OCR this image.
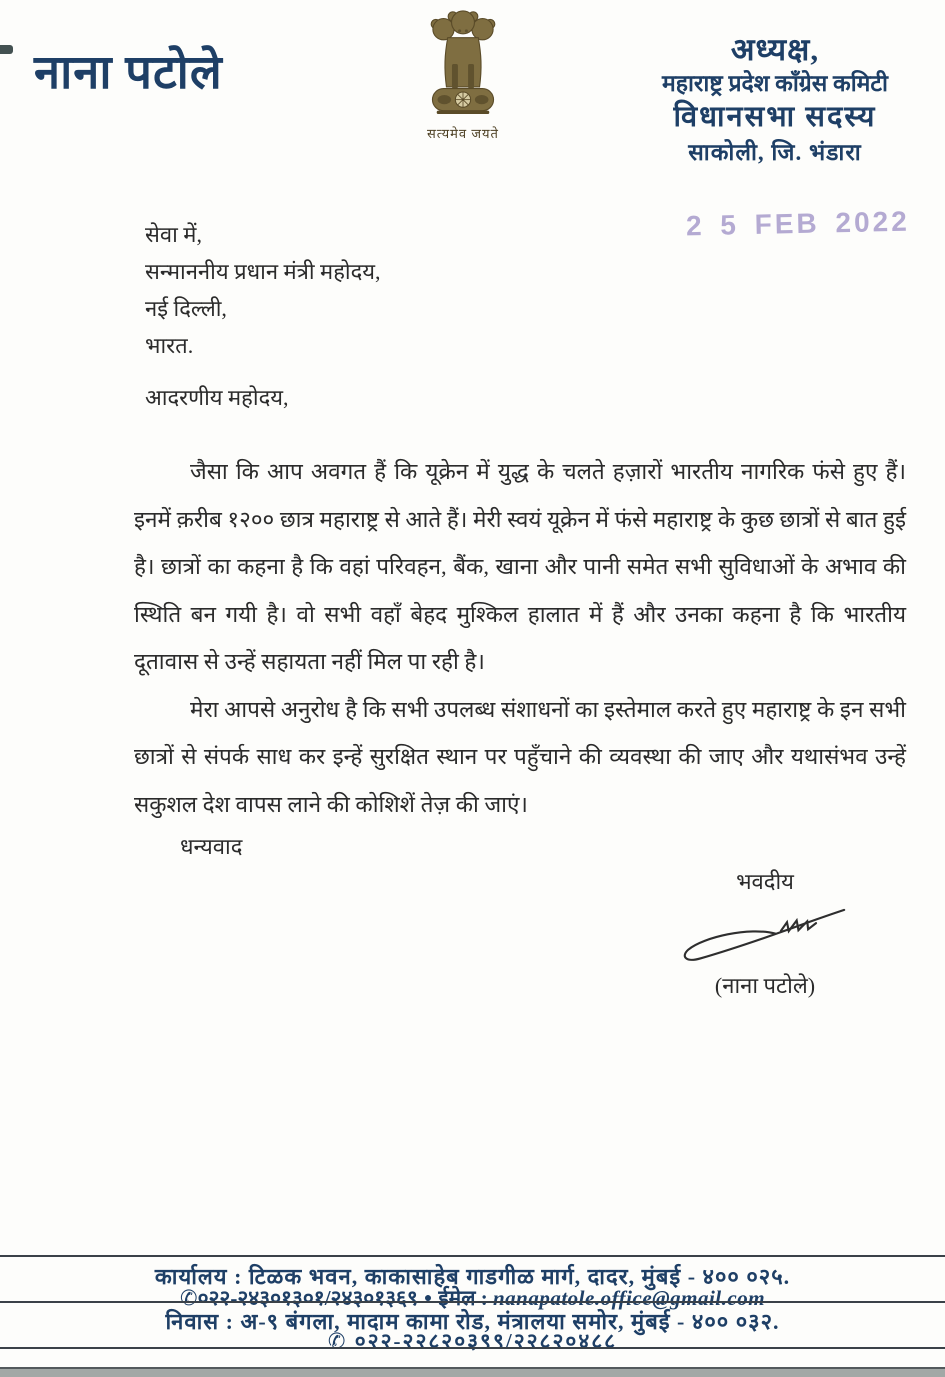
नाना पटोले
सत्यमेव जयते
अध्यक्ष,
महाराष्ट्र प्रदेश काँग्रेस कमिटी
विधानसभा सदस्य
साकोली, जि. भंडारा
2 5 FEB 2022
सेवा में,
सन्माननीय प्रधान मंत्री महोदय,
नई दिल्ली,
भारत.
आदरणीय महोदय,

जैसा कि आप अवगत हैं कि यूक्रेन में युद्ध के चलते हज़ारों भारतीय नागरिक फंसे हुए हैं। इनमें क़रीब १२०० छात्र महाराष्ट्र से आते हैं। मेरी स्वयं यूक्रेन में फंसे महाराष्ट्र के कुछ छात्रों से बात हुई है। छात्रों का कहना है कि वहां परिवहन, बैंक, खाना और पानी समेत सभी सुविधाओं के अभाव की स्थिति बन गयी है। वो सभी वहाँ बेहद मुश्किल हालात में हैं और उनका कहना है कि भारतीय दूतावास से उन्हें सहायता नहीं मिल पा रही है।

मेरा आपसे अनुरोध है कि सभी उपलब्ध संशाधनों का इस्तेमाल करते हुए महाराष्ट्र के इन सभी छात्रों से संपर्क साध कर इन्हें सुरक्षित स्थान पर पहुँचाने की व्यवस्था की जाए और यथासंभव उन्हें सकुशल देश वापस लाने की कोशिशें तेज़ की जाएं।

धन्यवाद
भवदीय
(नाना पटोले)
कार्यालय : टिळक भवन, काकासाहेब गाडगीळ मार्ग, दादर, मुंबई - ४०० ०२५.
✆०२२-२४३०१३०१/२४३०१३६९ ● ईमेल : nanapatole.office@gmail.com
निवास : अ-९ बंगला, मादाम कामा रोड, मंत्रालया समोर, मुंबई - ४०० ०३२.
✆ ०२२-२२८२०३९९/२२८२०४८८
